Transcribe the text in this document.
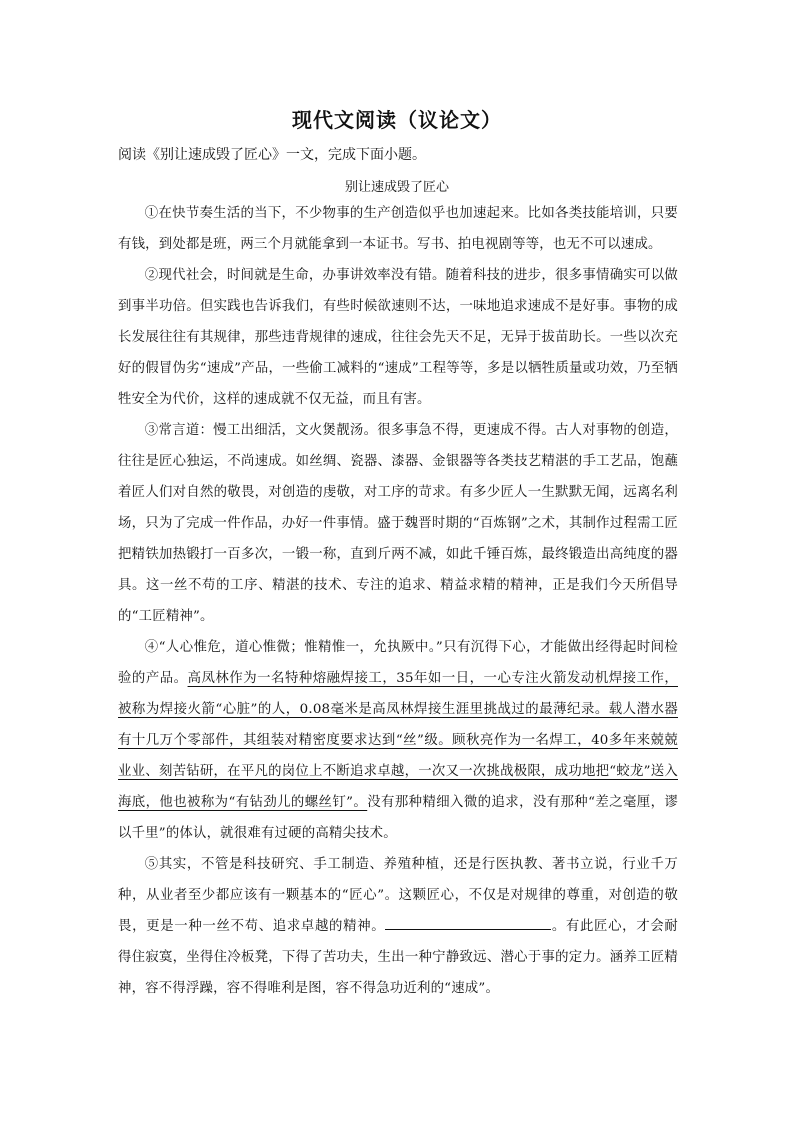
现代文阅读（议论文）
阅读《别让速成毁了匠心》一文，完成下面小题。
别让速成毁了匠心

①在快节奏生活的当下，不少物事的生产创造似乎也加速起来。比如各类技能培训，只要有钱，到处都是班，两三个月就能拿到一本证书。写书、拍电视剧等等，也无不可以速成。

②现代社会，时间就是生命，办事讲效率没有错。随着科技的进步，很多事情确实可以做到事半功倍。但实践也告诉我们，有些时候欲速则不达，一味地追求速成不是好事。事物的成长发展往往有其规律，那些违背规律的速成，往往会先天不足，无异于拔苗助长。一些以次充好的假冒伪劣“速成”产品，一些偷工减料的“速成”工程等等，多是以牺牲质量或功效，乃至牺牲安全为代价，这样的速成就不仅无益，而且有害。

③常言道：慢工出细活，文火煲靓汤。很多事急不得，更速成不得。古人对事物的创造，往往是匠心独运，不尚速成。如丝绸、瓷器、漆器、金银器等各类技艺精湛的手工艺品，饱蘸着匠人们对自然的敬畏，对创造的虔敬，对工序的苛求。有多少匠人一生默默无闻，远离名利场，只为了完成一件作品，办好一件事情。盛于魏晋时期的“百炼钢”之术，其制作过程需工匠把精铁加热锻打一百多次，一锻一称，直到斤两不减，如此千锤百炼，最终锻造出高纯度的器具。这一丝不苟的工序、精湛的技术、专注的追求、精益求精的精神，正是我们今天所倡导的“工匠精神”。

④“人心惟危，道心惟微；惟精惟一，允执厥中。”只有沉得下心，才能做出经得起时间检验的产品。高凤林作为一名特种熔融焊接工，35年如一日，一心专注火箭发动机焊接工作，被称为焊接火箭“心脏”的人，0.08毫米是高凤林焊接生涯里挑战过的最薄纪录。载人潜水器有十几万个零部件，其组装对精密度要求达到“丝”级。顾秋亮作为一名焊工，40多年来兢兢业业、刻苦钻研，在平凡的岗位上不断追求卓越，一次又一次挑战极限，成功地把“蛟龙”送入海底，他也被称为“有钻劲儿的螺丝钉”。没有那种精细入微的追求，没有那种“差之毫厘，谬以千里”的体认，就很难有过硬的高精尖技术。

⑤其实，不管是科技研究、手工制造、养殖种植，还是行医执教、著书立说，行业千万种，从业者至少都应该有一颗基本的“匠心”。这颗匠心，不仅是对规律的尊重，对创造的敬畏，更是一种一丝不苟、追求卓越的精神。	。有此匠心，才会耐得住寂寞，坐得住冷板凳，下得了苦功夫，生出一种宁静致远、潜心于事的定力。涵养工匠精神，容不得浮躁，容不得唯利是图，容不得急功近利的“速成”。
